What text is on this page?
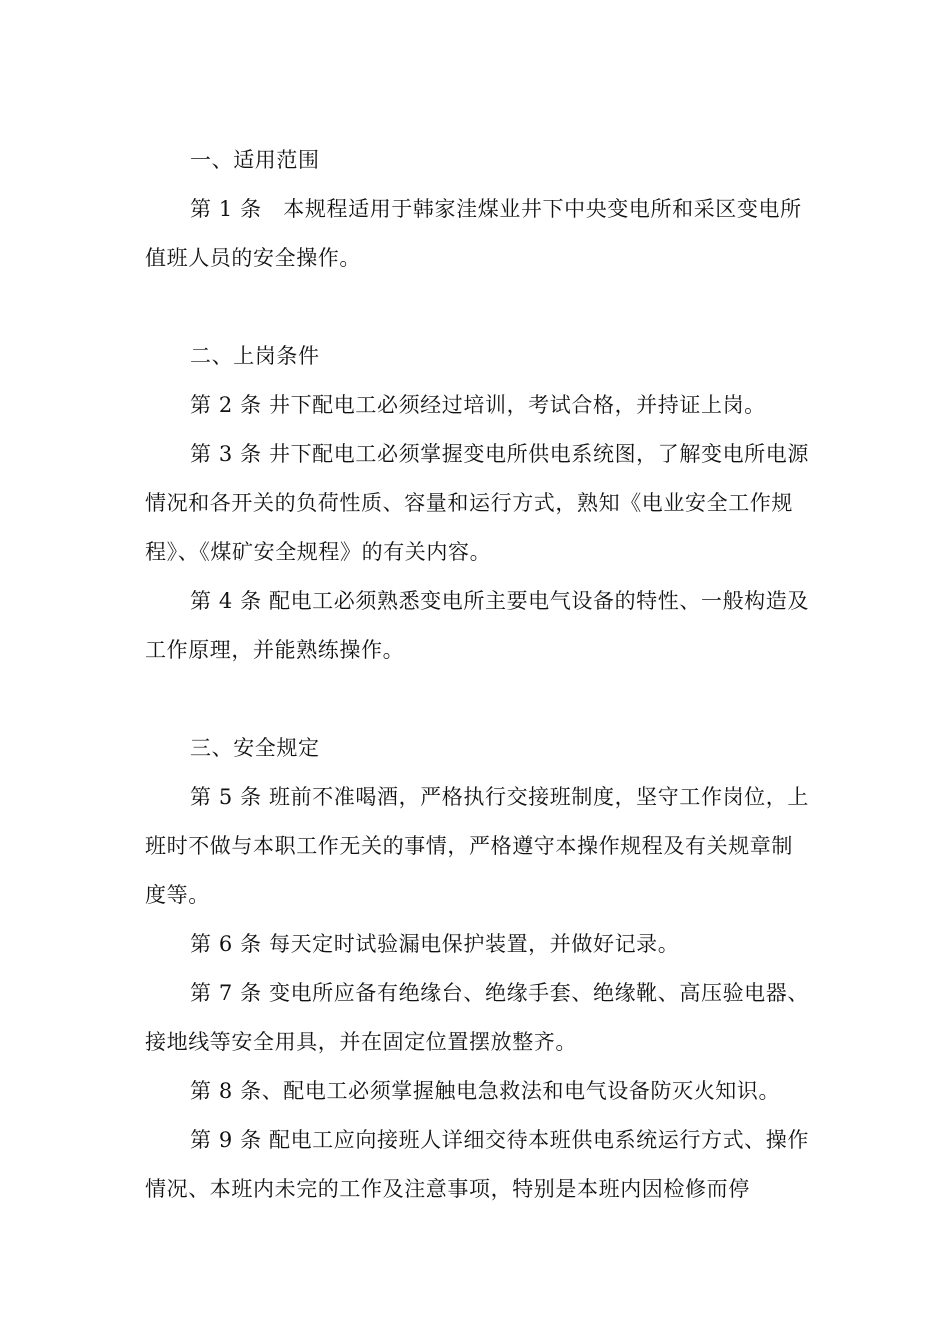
一、适用范围

第 1 条　本规程适用于韩家洼煤业井下中央变电所和采区变电所值班人员的安全操作。

二、上岗条件

第 2 条 井下配电工必须经过培训，考试合格，并持证上岗。

第 3 条 井下配电工必须掌握变电所供电系统图，了解变电所电源情况和各开关的负荷性质、容量和运行方式，熟知《电业安全工作规程》、《煤矿安全规程》的有关内容。

第 4 条 配电工必须熟悉变电所主要电气设备的特性、一般构造及工作原理，并能熟练操作。

三、安全规定

第 5 条 班前不准喝酒，严格执行交接班制度，坚守工作岗位，上班时不做与本职工作无关的事情，严格遵守本操作规程及有关规章制度等。

第 6 条 每天定时试验漏电保护装置，并做好记录。

第 7 条 变电所应备有绝缘台、绝缘手套、绝缘靴、高压验电器、接地线等安全用具，并在固定位置摆放整齐。

第 8 条、配电工必须掌握触电急救法和电气设备防灭火知识。

第 9 条 配电工应向接班人详细交待本班供电系统运行方式、操作情况、本班内未完的工作及注意事项，特别是本班内因检修而停
